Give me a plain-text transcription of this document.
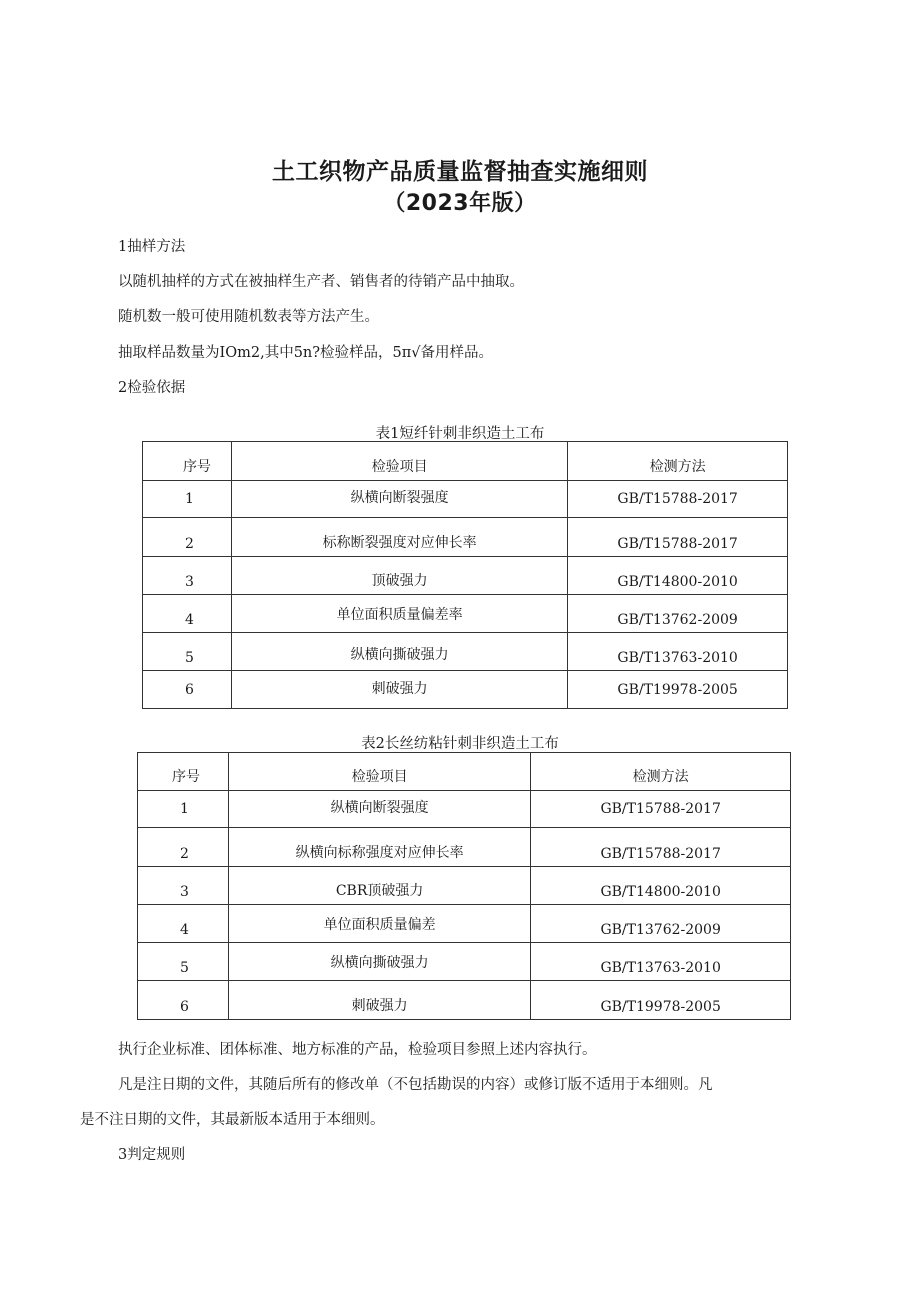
土工织物产品质量监督抽查实施细则
（2023年版）

1抽样方法

以随机抽样的方式在被抽样生产者、销售者的待销产品中抽取。

随机数一般可使用随机数表等方法产生。

抽取样品数量为IOm2,其中5n?检验样品，5π√备用样品。

2检验依据

表1短纤针刺非织造土工布

序号	检验项目	检测方法
1	纵横向断裂强度	GB/T15788-2017
2	标称断裂强度对应伸长率	GB/T15788-2017
3	顶破强力	GB/T14800-2010
4	单位面积质量偏差率	GB/T13762-2009
5	纵横向撕破强力	GB/T13763-2010
6	刺破强力	GB/T19978-2005

表2长丝纺粘针刺非织造土工布

序号	检验项目	检测方法
1	纵横向断裂强度	GB/T15788-2017
2	纵横向标称强度对应伸长率	GB/T15788-2017
3	CBR顶破强力	GB/T14800-2010
4	单位面积质量偏差	GB/T13762-2009
5	纵横向撕破强力	GB/T13763-2010
6	刺破强力	GB/T19978-2005

执行企业标准、团体标准、地方标准的产品，检验项目参照上述内容执行。

凡是注日期的文件，其随后所有的修改单（不包括勘误的内容）或修订版不适用于本细则。凡

是不注日期的文件，其最新版本适用于本细则。

3判定规则
